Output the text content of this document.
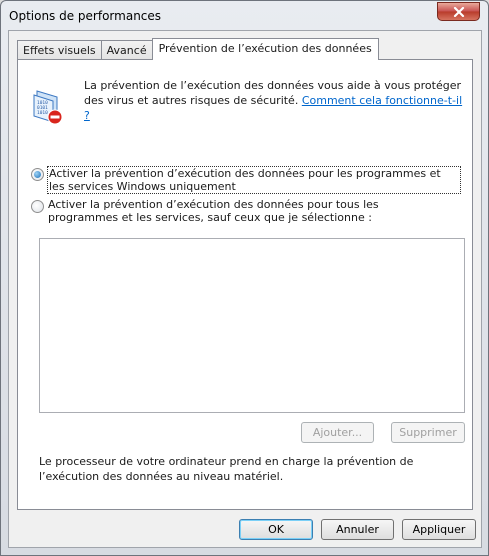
Options de performances
Effets visuels	Avancé	Prévention de l’exécution des données
1010
0101
1010
La prévention de l’exécution des données vous aide à vous protéger des virus et autres risques de sécurité. Comment cela fonctionne-t-il ?
Activer la prévention d’exécution des données pour les programmes et les services Windows uniquement
Activer la prévention d’exécution des données pour tous les programmes et les services, sauf ceux que je sélectionne :
Ajouter...	Supprimer
Le processeur de votre ordinateur prend en charge la prévention de l’exécution des données au niveau matériel.
OK	Annuler	Appliquer
